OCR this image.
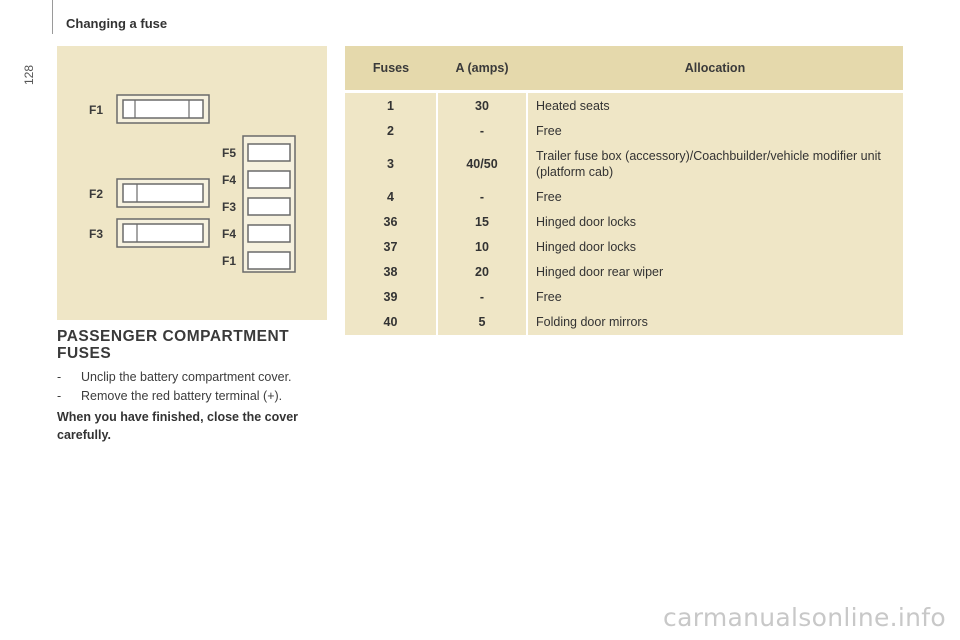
128
Changing a fuse
F1
F2
F3
F5
F4
F3
F4
F1
PASSENGER COMPARTMENT FUSES
- Unclip the battery compartment cover.
- Remove the red battery terminal (+).
When you have finished, close the cover carefully.
Fuses	A (amps)	Allocation
1	30	Heated seats
2	-	Free
3	40/50	Trailer fuse box (accessory)/Coachbuilder/vehicle modifier unit (platform cab)
4	-	Free
36	15	Hinged door locks
37	10	Hinged door locks
38	20	Hinged door rear wiper
39	-	Free
40	5	Folding door mirrors
carmanualsonline.info
